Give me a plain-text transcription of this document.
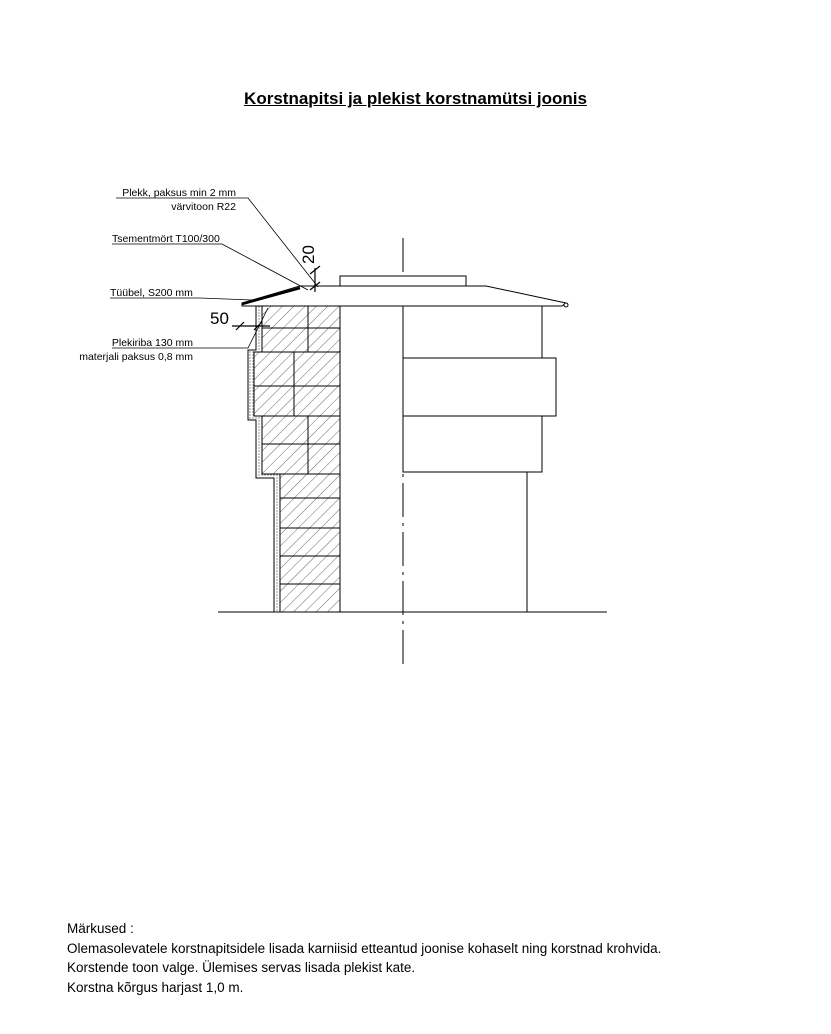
Korstnapitsi ja plekist korstnamütsi joonis
Plekk, paksus min 2 mm
värvitoon R22
Tsementmört T100/300
Tüübel, S200 mm
Plekiriba 130 mm
materjali paksus 0,8 mm
20
50
Märkused :
Olemasolevatele korstnapitsidele lisada karniisid etteantud joonise kohaselt ning korstnad krohvida.
Korstende toon valge. Ülemises servas lisada plekist kate.
Korstna kõrgus harjast 1,0 m.
